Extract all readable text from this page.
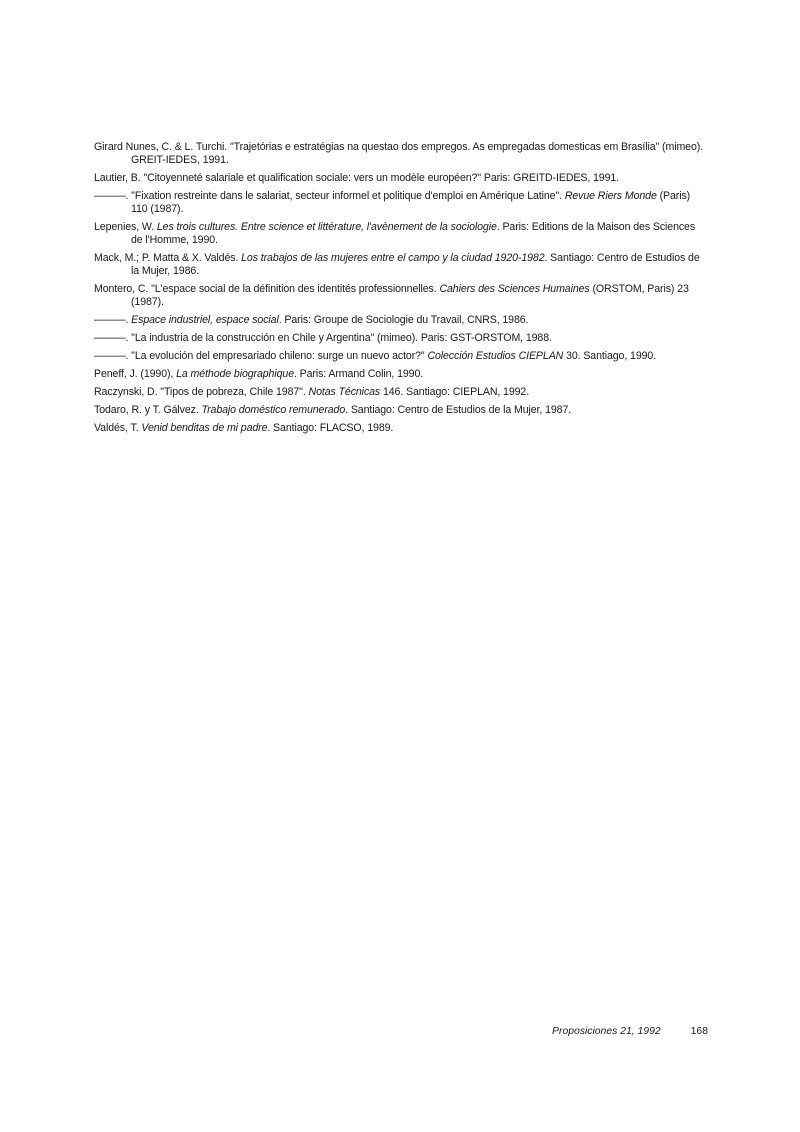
Girard Nunes, C. & L. Turchi. "Trajetórias e estratégias na questao dos empregos. As empregadas domesticas em Brasília" (mimeo). GREIT-IEDES, 1991.

Lautier, B. "Citoyenneté salariale et qualification sociale: vers un modèle européen?" Paris: GREITD-IEDES, 1991.

———. "Fixation restreinte dans le salariat, secteur informel et politique d'emploi en Amérique Latine". Revue Riers Monde (Paris) 110 (1987).

Lepenies, W. Les trois cultures. Entre science et littérature, l'avènement de la sociologie. Paris: Editions de la Maison des Sciences de l'Homme, 1990.

Mack, M.; P. Matta & X. Valdés. Los trabajos de las mujeres entre el campo y la ciudad 1920-1982. Santiago: Centro de Estudios de la Mujer, 1986.

Montero, C. "L'espace social de la définition des identités professionnelles. Cahiers des Sciences Humaines (ORSTOM, Paris) 23 (1987).

———. Espace industriel, espace social. Paris: Groupe de Sociologie du Travail, CNRS, 1986.

———. "La industria de la construcción en Chile y Argentina" (mimeo). Paris: GST-ORSTOM, 1988.

———. "La evolución del empresariado chileno: surge un nuevo actor?" Colección Estudios CIEPLAN 30. Santiago, 1990.

Peneff, J. (1990), La méthode biographique. Paris: Armand Colin, 1990.

Raczynski, D. "Tipos de pobreza, Chile 1987". Notas Técnicas 146. Santiago: CIEPLAN, 1992.

Todaro, R. y T. Gálvez. Trabajo doméstico remunerado. Santiago: Centro de Estudios de la Mujer, 1987.

Valdés, T. Venid benditas de mi padre. Santiago: FLACSO, 1989.

Proposiciones 21, 1992	168
